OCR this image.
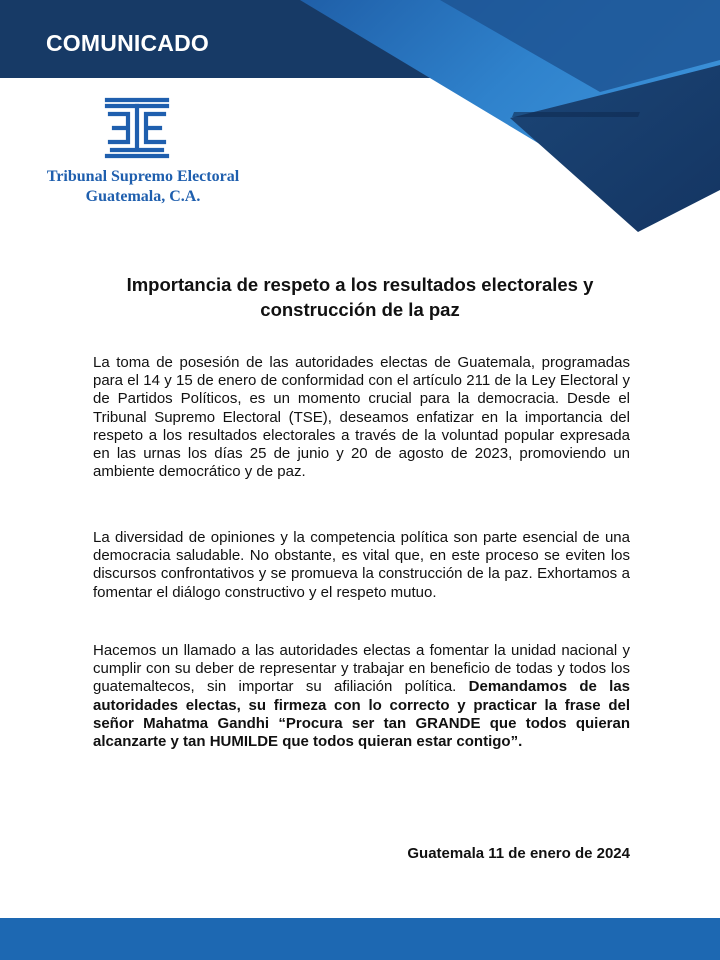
COMUNICADO
Tribunal Supremo Electoral
Guatemala, C.A.
Importancia de respeto a los resultados electorales y
construcción de la paz

La toma de posesión de las autoridades electas de Guatemala, programadas para el 14 y 15 de enero de conformidad con el artículo 211 de la Ley Electoral y de Partidos Políticos, es un momento crucial para la democracia. Desde el Tribunal Supremo Electoral (TSE), deseamos enfatizar en la importancia del respeto a los resultados electorales a través de la voluntad popular expresada en las urnas los días 25 de junio y 20 de agosto de 2023, promoviendo un ambiente democrático y de paz.

La diversidad de opiniones y la competencia política son parte esencial de una democracia saludable. No obstante, es vital que, en este proceso se eviten los discursos confrontativos y se promueva la construcción de la paz. Exhortamos a fomentar el diálogo constructivo y el respeto mutuo.

Hacemos un llamado a las autoridades electas a fomentar la unidad nacional y cumplir con su deber de representar y trabajar en beneficio de todas y todos los guatemaltecos, sin importar su afiliación política. Demandamos de las autoridades electas, su firmeza con lo correcto y practicar la frase del señor Mahatma Gandhi “Procura ser tan GRANDE que todos quieran alcanzarte y tan HUMILDE que todos quieran estar contigo”.

Guatemala 11 de enero de 2024
